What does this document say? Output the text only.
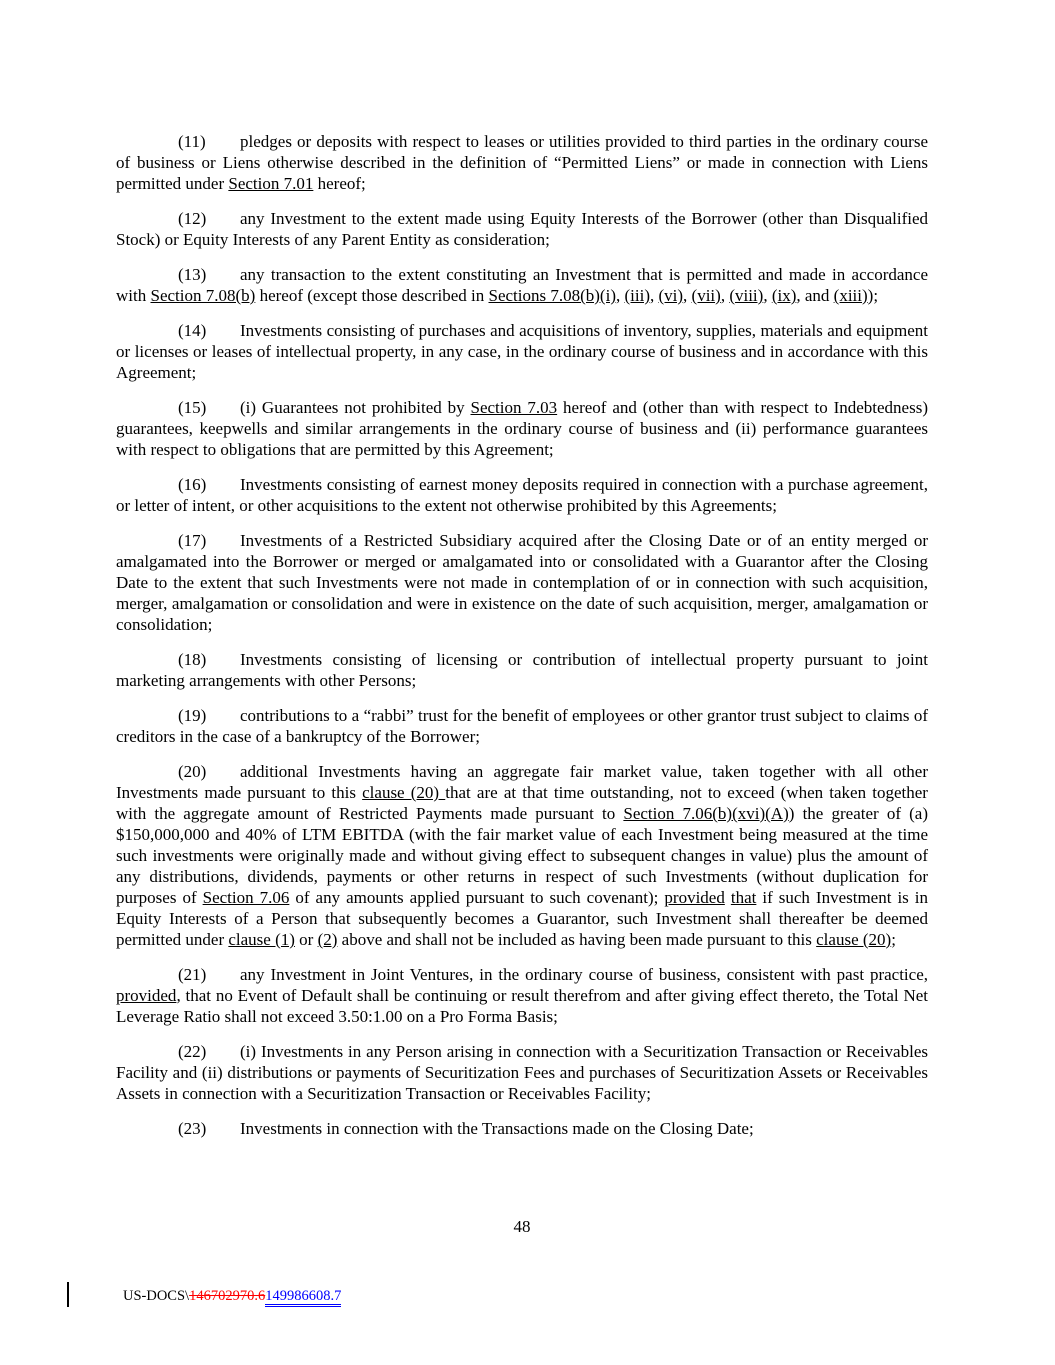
(11) pledges or deposits with respect to leases or utilities provided to third parties in the ordinary course of business or Liens otherwise described in the definition of “Permitted Liens” or made in connection with Liens permitted under Section 7.01 hereof;

(12) any Investment to the extent made using Equity Interests of the Borrower (other than Disqualified Stock) or Equity Interests of any Parent Entity as consideration;

(13) any transaction to the extent constituting an Investment that is permitted and made in accordance with Section 7.08(b) hereof (except those described in Sections 7.08(b)(i), (iii), (vi), (vii), (viii), (ix), and (xiii));

(14) Investments consisting of purchases and acquisitions of inventory, supplies, materials and equipment or licenses or leases of intellectual property, in any case, in the ordinary course of business and in accordance with this Agreement;

(15) (i) Guarantees not prohibited by Section 7.03 hereof and (other than with respect to Indebtedness) guarantees, keepwells and similar arrangements in the ordinary course of business and (ii) performance guarantees with respect to obligations that are permitted by this Agreement;

(16) Investments consisting of earnest money deposits required in connection with a purchase agreement, or letter of intent, or other acquisitions to the extent not otherwise prohibited by this Agreements;

(17) Investments of a Restricted Subsidiary acquired after the Closing Date or of an entity merged or amalgamated into the Borrower or merged or amalgamated into or consolidated with a Guarantor after the Closing Date to the extent that such Investments were not made in contemplation of or in connection with such acquisition, merger, amalgamation or consolidation and were in existence on the date of such acquisition, merger, amalgamation or consolidation;

(18) Investments consisting of licensing or contribution of intellectual property pursuant to joint marketing arrangements with other Persons;

(19) contributions to a “rabbi” trust for the benefit of employees or other grantor trust subject to claims of creditors in the case of a bankruptcy of the Borrower;

(20) additional Investments having an aggregate fair market value, taken together with all other Investments made pursuant to this clause (20) that are at that time outstanding, not to exceed (when taken together with the aggregate amount of Restricted Payments made pursuant to Section 7.06(b)(xvi)(A)) the greater of (a) $150,000,000 and 40% of LTM EBITDA (with the fair market value of each Investment being measured at the time such investments were originally made and without giving effect to subsequent changes in value) plus the amount of any distributions, dividends, payments or other returns in respect of such Investments (without duplication for purposes of Section 7.06 of any amounts applied pursuant to such covenant); provided that if such Investment is in Equity Interests of a Person that subsequently becomes a Guarantor, such Investment shall thereafter be deemed permitted under clause (1) or (2) above and shall not be included as having been made pursuant to this clause (20);

(21) any Investment in Joint Ventures, in the ordinary course of business, consistent with past practice, provided, that no Event of Default shall be continuing or result therefrom and after giving effect thereto, the Total Net Leverage Ratio shall not exceed 3.50:1.00 on a Pro Forma Basis;

(22) (i) Investments in any Person arising in connection with a Securitization Transaction or Receivables Facility and (ii) distributions or payments of Securitization Fees and purchases of Securitization Assets or Receivables Assets in connection with a Securitization Transaction or Receivables Facility;

(23) Investments in connection with the Transactions made on the Closing Date;

48
US-DOCS\146702970.6149986608.7
